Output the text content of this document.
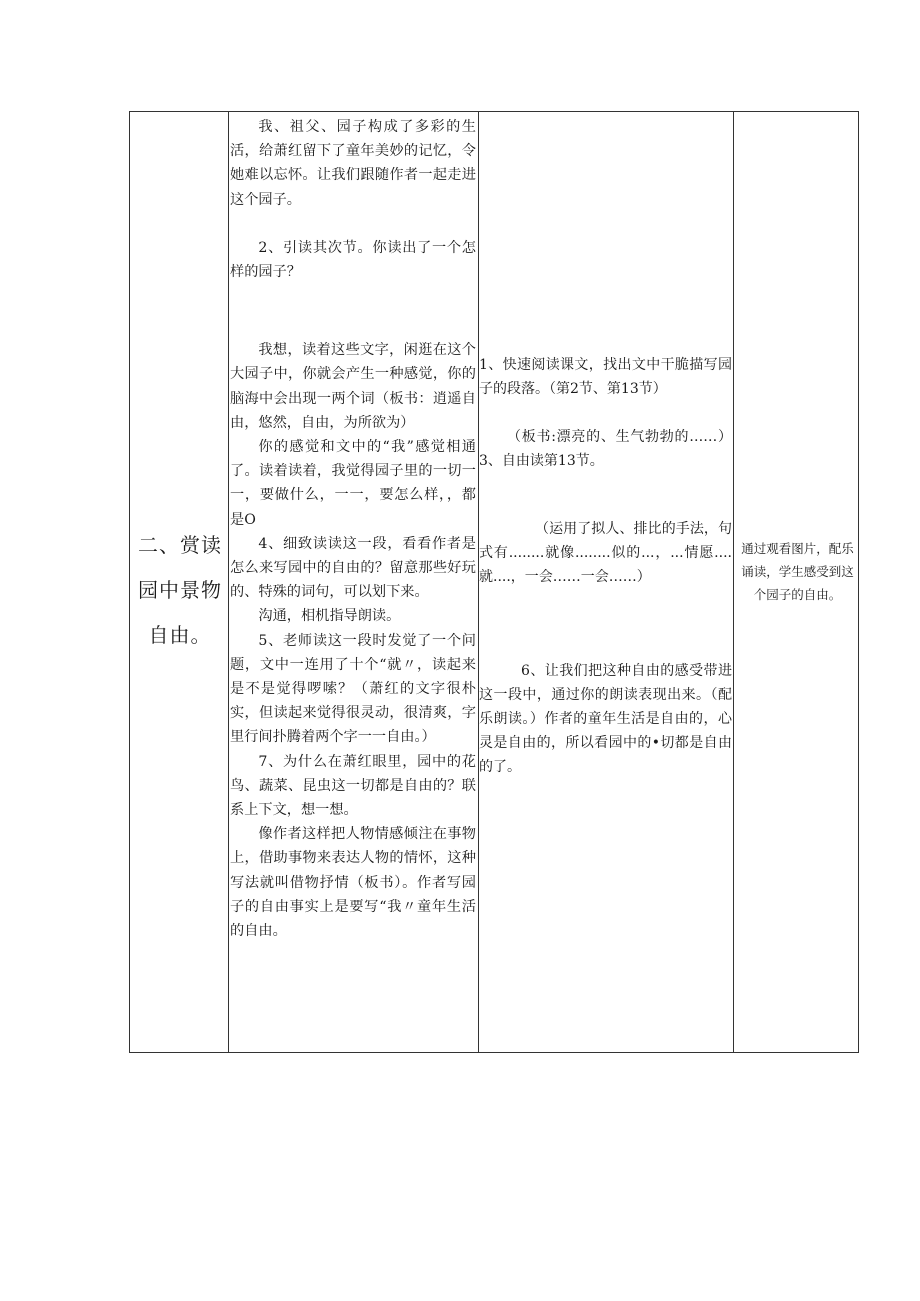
二、赏读园中景物自由。

我、祖父、园子构成了多彩的生活，给萧红留下了童年美妙的记忆，令她难以忘怀。让我们跟随作者一起走进这个园子。

2、引读其次节。你读出了一个怎样的园子？

我想，读着这些文字，闲逛在这个大园子中，你就会产生一种感觉，你的脑海中会出现一两个词（板书：逍遥自由，悠然，自由，为所欲为）

你的感觉和文中的“我”感觉相通了。读着读着，我觉得园子里的一切一一，要做什么，一一，要怎么样，，都是O

4、细致读读这一段，看看作者是怎么来写园中的自由的？留意那些好玩的、特殊的词句，可以划下来。

沟通，相机指导朗读。

5、老师读这一段时发觉了一个问题，文中一连用了十个“就〃，读起来是不是觉得啰嗦？（萧红的文字很朴实，但读起来觉得很灵动，很清爽，字里行间扑腾着两个字一一自由。）

7、为什么在萧红眼里，园中的花鸟、蔬菜、昆虫这一切都是自由的？联系上下文，想一想。

像作者这样把人物情感倾注在事物上，借助事物来表达人物的情怀，这种写法就叫借物抒情（板书）。作者写园子的自由事实上是要写“我〃童年生活的自由。

1、快速阅读课文，找出文中干脆描写园子的段落。（第2节、第13节）

（板书:漂亮的、生气勃勃的……）3、自由读第13节。

（运用了拟人、排比的手法，句式有........就像........似的...，...情愿....就....，一会……一会……）

6、让我们把这种自由的感受带进这一段中，通过你的朗读表现出来。（配乐朗读。）作者的童年生活是自由的，心灵是自由的，所以看园中的•切都是自由的了。

通过观看图片，配乐诵读，学生感受到这个园子的自由。
